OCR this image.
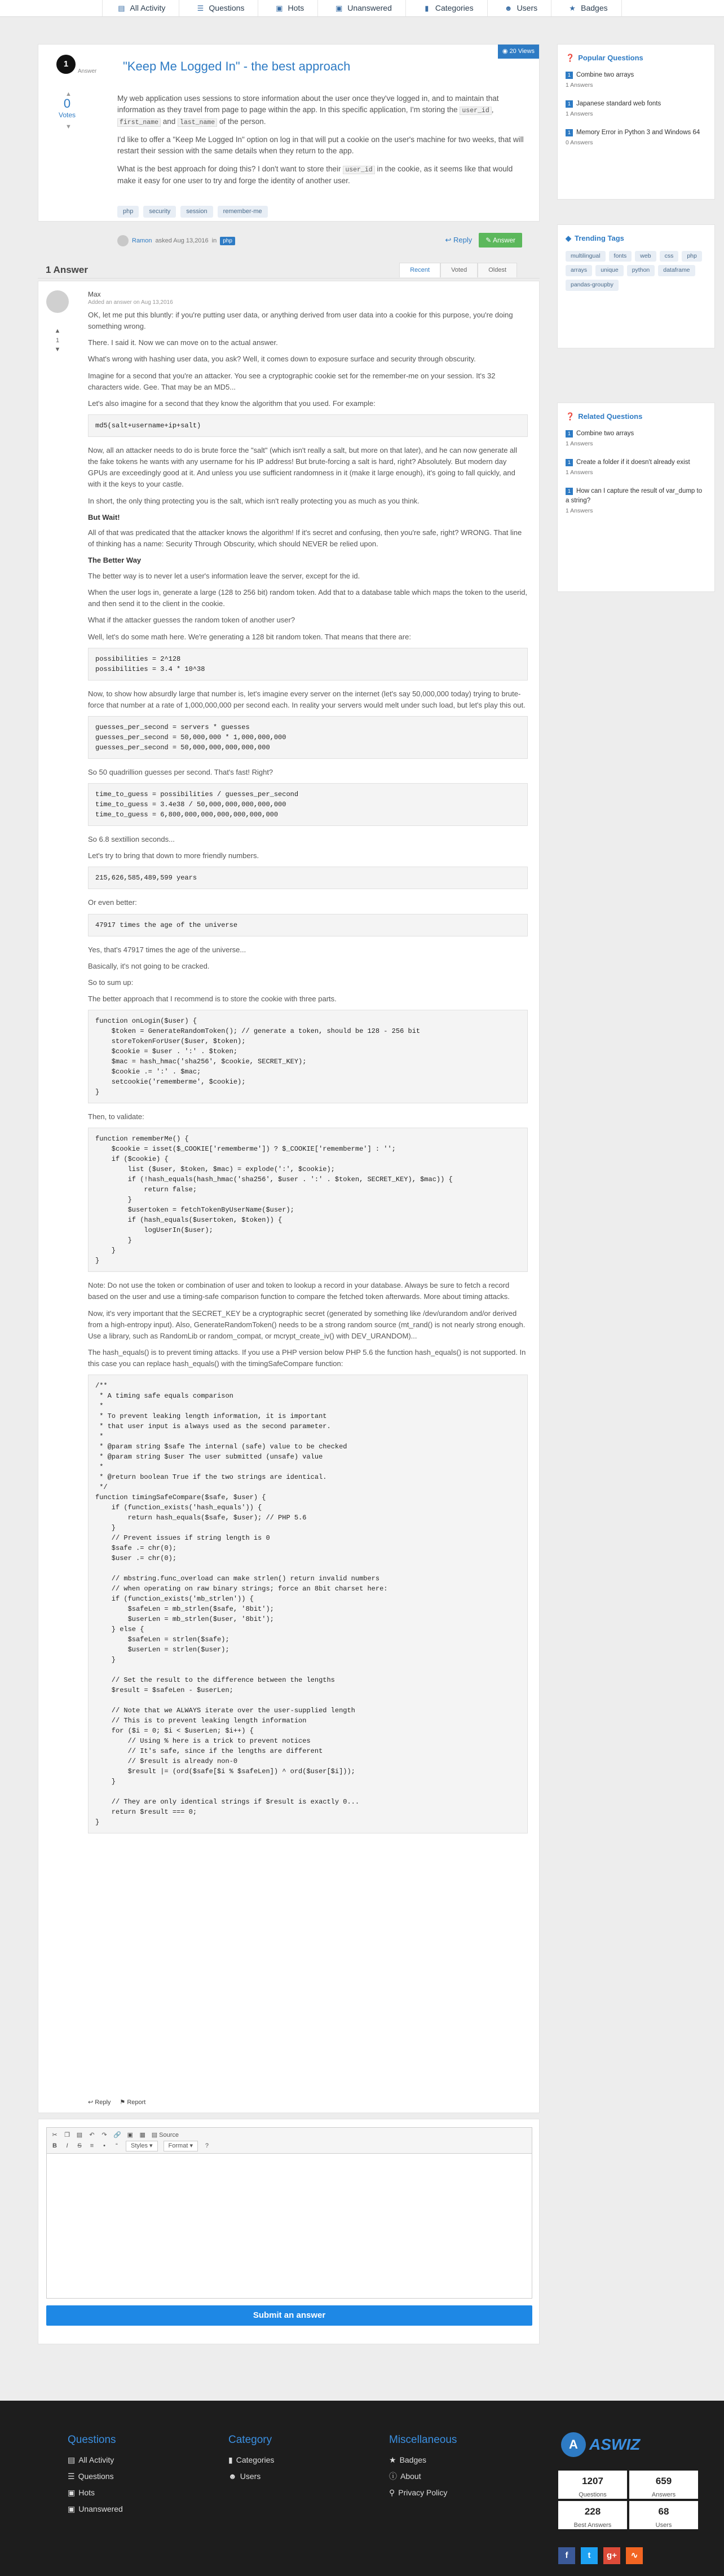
▤ All Activity	☰ Questions	▣ Hots	▣ Unanswered	▮ Categories	☻ Users	★ Badges
1
Answer "Keep Me Logged In" - the best approach
◉ 20 Views
▲
0
Votes
▼

My web application uses sessions to store information about the user once they've logged in, and to maintain that information as they travel from page to page within the app. In this specific application, I'm storing the user_id , first_name and last_name of the person.

I'd like to offer a "Keep Me Logged In" option on log in that will put a cookie on the user's machine for two weeks, that will restart their session with the same details when they return to the app.

What is the best approach for doing this? I don't want to store their user_id in the cookie, as it seems like that would make it easy for one user to try and forge the identity of another user.

php	security	session	remember-me
Ramon asked Aug 13,2016 in	php	↩ Reply	✎ Answer
1 Answer	Recent	Voted	Oldest
Max
Added an answer on Aug 13,2016
▲
1
▼

OK, let me put this bluntly: if you're putting user data, or anything derived from user data into a cookie for this purpose, you're doing something wrong.

There. I said it. Now we can move on to the actual answer.

What's wrong with hashing user data, you ask? Well, it comes down to exposure surface and security through obscurity.

Imagine for a second that you're an attacker. You see a cryptographic cookie set for the remember-me on your session. It's 32 characters wide. Gee. That may be an MD5...

Let's also imagine for a second that they know the algorithm that you used. For example:

md5(salt+username+ip+salt)

Now, all an attacker needs to do is brute force the "salt" (which isn't really a salt, but more on that later), and he can now generate all the fake tokens he wants with any username for his IP address! But brute-forcing a salt is hard, right? Absolutely. But modern day GPUs are exceedingly good at it. And unless you use sufficient randomness in it (make it large enough), it's going to fall quickly, and with it the keys to your castle.

In short, the only thing protecting you is the salt, which isn't really protecting you as much as you think.

But Wait!

All of that was predicated that the attacker knows the algorithm! If it's secret and confusing, then you're safe, right? WRONG. That line of thinking has a name: Security Through Obscurity, which should NEVER be relied upon.

The Better Way

The better way is to never let a user's information leave the server, except for the id.

When the user logs in, generate a large (128 to 256 bit) random token. Add that to a database table which maps the token to the userid, and then send it to the client in the cookie.

What if the attacker guesses the random token of another user?

Well, let's do some math here. We're generating a 128 bit random token. That means that there are:

possibilities = 2^128
possibilities = 3.4 * 10^38

Now, to show how absurdly large that number is, let's imagine every server on the internet (let's say 50,000,000 today) trying to brute-force that number at a rate of 1,000,000,000 per second each. In reality your servers would melt under such load, but let's play this out.

guesses_per_second = servers * guesses
guesses_per_second = 50,000,000 * 1,000,000,000
guesses_per_second = 50,000,000,000,000,000

So 50 quadrillion guesses per second. That's fast! Right?

time_to_guess = possibilities / guesses_per_second
time_to_guess = 3.4e38 / 50,000,000,000,000,000
time_to_guess = 6,800,000,000,000,000,000,000

So 6.8 sextillion seconds...

Let's try to bring that down to more friendly numbers.

215,626,585,489,599 years

Or even better:

47917 times the age of the universe

Yes, that's 47917 times the age of the universe...

Basically, it's not going to be cracked.

So to sum up:

The better approach that I recommend is to store the cookie with three parts.

function onLogin($user) {
$token = GenerateRandomToken(); // generate a token, should be 128 - 256 bit
storeTokenForUser($user, $token);
$cookie = $user . ':' . $token;
$mac = hash_hmac('sha256', $cookie, SECRET_KEY);
$cookie .= ':' . $mac;
setcookie('rememberme', $cookie);
}

Then, to validate:

function rememberMe() {
$cookie = isset($_COOKIE['rememberme']) ? $_COOKIE['rememberme'] : '';
if ($cookie) {
list ($user, $token, $mac) = explode(':', $cookie);
if (!hash_equals(hash_hmac('sha256', $user . ':' . $token, SECRET_KEY), $mac)) {
return false;
}
$usertoken = fetchTokenByUserName($user);
if (hash_equals($usertoken, $token)) {
logUserIn($user);
}
}
}

Note: Do not use the token or combination of user and token to lookup a record in your database. Always be sure to fetch a record based on the user and use a timing-safe comparison function to compare the fetched token afterwards. More about timing attacks.

Now, it's very important that the SECRET_KEY be a cryptographic secret (generated by something like /dev/urandom and/or derived from a high-entropy input). Also, GenerateRandomToken() needs to be a strong random source (mt_rand() is not nearly strong enough. Use a library, such as RandomLib or random_compat, or mcrypt_create_iv() with DEV_URANDOM)...

The hash_equals() is to prevent timing attacks. If you use a PHP version below PHP 5.6 the function hash_equals() is not supported. In this case you can replace hash_equals() with the timingSafeCompare function:

/**
* A timing safe equals comparison
*
* To prevent leaking length information, it is important
* that user input is always used as the second parameter.
*
* @param string $safe The internal (safe) value to be checked
* @param string $user The user submitted (unsafe) value
*
* @return boolean True if the two strings are identical.
*/
function timingSafeCompare($safe, $user) {
if (function_exists('hash_equals')) {
return hash_equals($safe, $user); // PHP 5.6
}
// Prevent issues if string length is 0
$safe .= chr(0);
$user .= chr(0);

// mbstring.func_overload can make strlen() return invalid numbers
// when operating on raw binary strings; force an 8bit charset here:
if (function_exists('mb_strlen')) {
$safeLen = mb_strlen($safe, '8bit');
$userLen = mb_strlen($user, '8bit');
} else {
$safeLen = strlen($safe);
$userLen = strlen($user);
}

// Set the result to the difference between the lengths
$result = $safeLen - $userLen;

// Note that we ALWAYS iterate over the user-supplied length
// This is to prevent leaking length information
for ($i = 0; $i < $userLen; $i++) {
// Using % here is a trick to prevent notices
// It's safe, since if the lengths are different
// $result is already non-0
$result |= (ord($safe[$i % $safeLen]) ^ ord($user[$i]));
}

// They are only identical strings if $result is exactly 0...
return $result === 0;
}
↩ Reply ⚑ Report
✂ ❐ ▤ ↶ ↷ 🔗 ▣ ▦ ▤ Source
B	I	S ≡	•	“	Styles ▾	Format ▾	?
Submit an answer
❓ Popular Questions
1 Combine two arrays
1 Answers
1 Japanese standard web fonts
1 Answers
1 Memory Error in Python 3 and Windows 64
0 Answers
◆ Trending Tags
multilingual	fonts	web	css	php
arrays	unique	python	dataframe
pandas-groupby
❓ Related Questions
1 Combine two arrays
1 Answers
1 Create a folder if it doesn't already exist
1 Answers
1 How can I capture the result of var_dump to a string?
1 Answers
Questions
▤ All Activity
☰ Questions
▣ Hots
▣ Unanswered
Category
▮ Categories
☻ Users
Miscellaneous
★ Badges
ⓘ About
⚲ Privacy Policy
A ASWIZ
1207
Questions
659
Answers
228
Best Answers
68
Users
f	t	g+	∿
